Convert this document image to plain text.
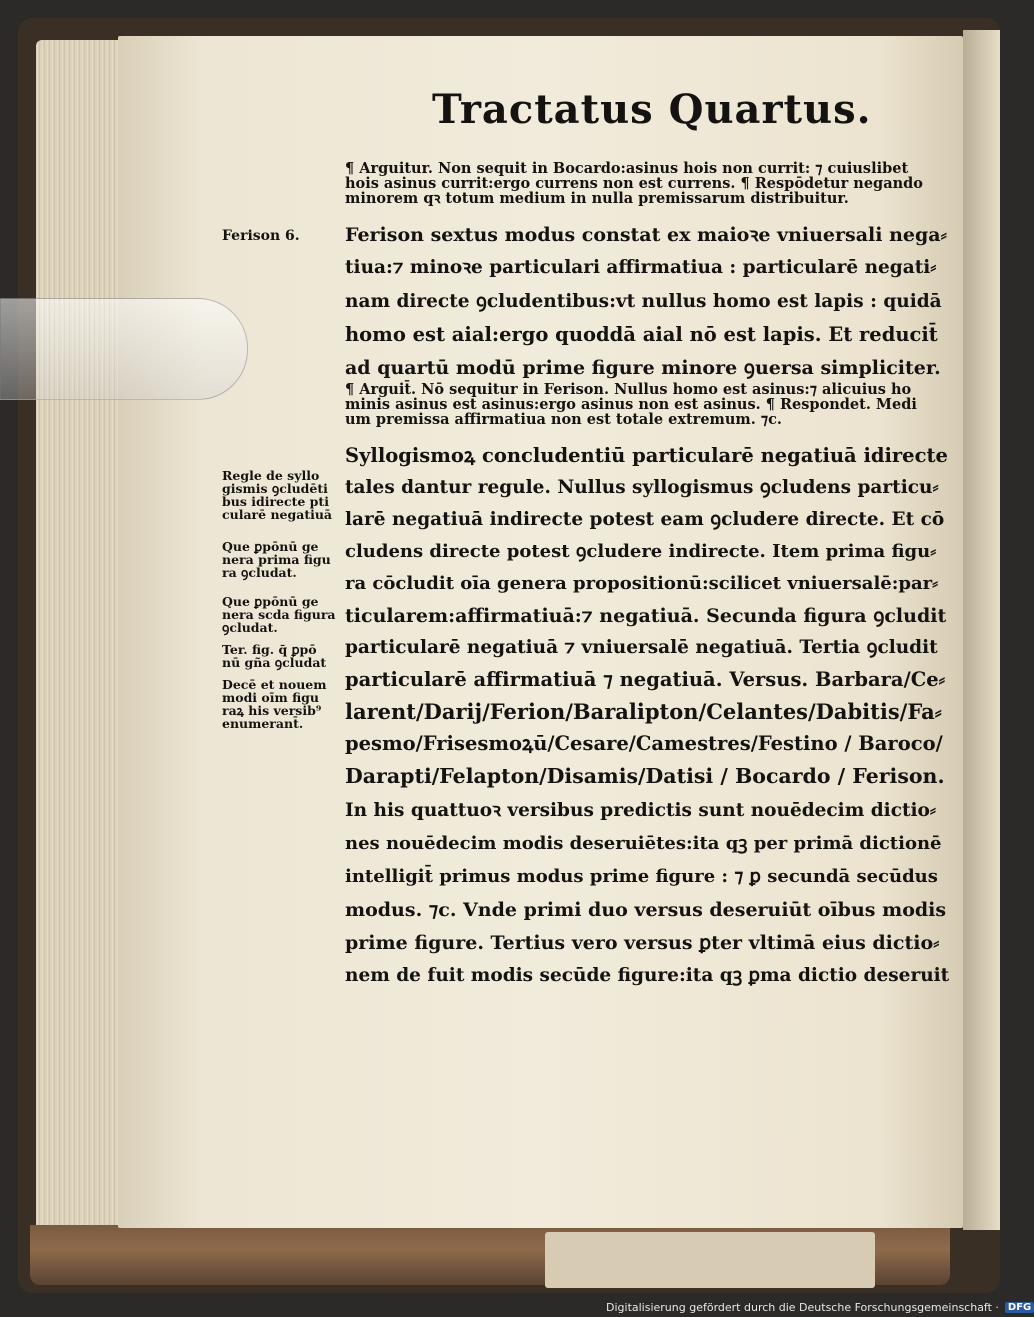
Tractatus Quartus.
¶ Arguitur. Non sequit in Bocardo:asinus hois non currit: ⁊ cuiuslibet
hois asinus currit:ergo currens non est currens. ¶ Respōdetur negando
minorem qꝛ totum medium in nulla premissarum distribuitur.
Ferison 6. Ferison sextus modus constat ex maioꝛe vniuersali nega⸗
tiua:⁊ minoꝛe particulari affirmatiua : particularē negati⸗
nam directe ꝯcludentibus:vt nullus homo est lapis : quidā
homo est aial:ergo quoddā aial nō est lapis. Et reducit̄
ad quartū modū prime figure minore ꝯuersa simpliciter.
¶ Arguit̄. Nō sequitur in Ferison. Nullus homo est asinus:⁊ alicuius ho
minis asinus est asinus:ergo asinus non est asinus. ¶ Respondet. Medi
um premissa affirmatiua non est totale extremum. ⁊c.
Regle de syllo
gismis ꝯcludēti
bus idirecte pti
cularē negatiuā
Que ꝑpōnū ge
nera prima figu
ra ꝯcludat.
Que ꝑpōnū ge
nera scda figura
ꝯcludat.
Ter. fig. q̄ ꝑpō
nū gña ꝯcludat
Decē et nouem
modi oīm figu
raꝝ his versib⁹
enumerant̄.
Syllogismoꝝ concludentiū particularē negatiuā idirecte
tales dantur regule. Nullus syllogismus ꝯcludens particu⸗
larē negatiuā indirecte potest eam ꝯcludere directe. Et cō
cludens directe potest ꝯcludere indirecte. Item prima figu⸗
ra cōcludit oīa genera propositionū:scilicet vniuersalē:par⸗
ticularem:affirmatiuā:⁊ negatiuā. Secunda figura ꝯcludit
particularē negatiuā ⁊ vniuersalē negatiuā. Tertia ꝯcludit
particularē affirmatiuā ⁊ negatiuā. Versus. Barbara/Ce⸗
larent/Darij/Ferion/Baralipton/Celantes/Dabitis/Fa⸗
pesmo/Frisesmoꝝū/Cesare/Camestres/Festino / Baroco/
Darapti/Felapton/Disamis/Datisi / Bocardo / Ferison.
In his quattuoꝛ versibus predictis sunt nouēdecim dictio⸗
nes nouēdecim modis deseruiētes:ita qꝫ per primā dictionē
intelligit̄ primus modus prime figure : ⁊ ꝑ secundā secūdus
modus. ⁊c. Vnde primi duo versus deseruiūt oībus modis
prime figure. Tertius vero versus ꝑter vltimā eius dictio⸗
nem de fuit modis secūde figure:ita qꝫ ꝑma dictio deseruit
Digitalisierung gefördert durch die Deutsche Forschungsgemeinschaft · DFG
